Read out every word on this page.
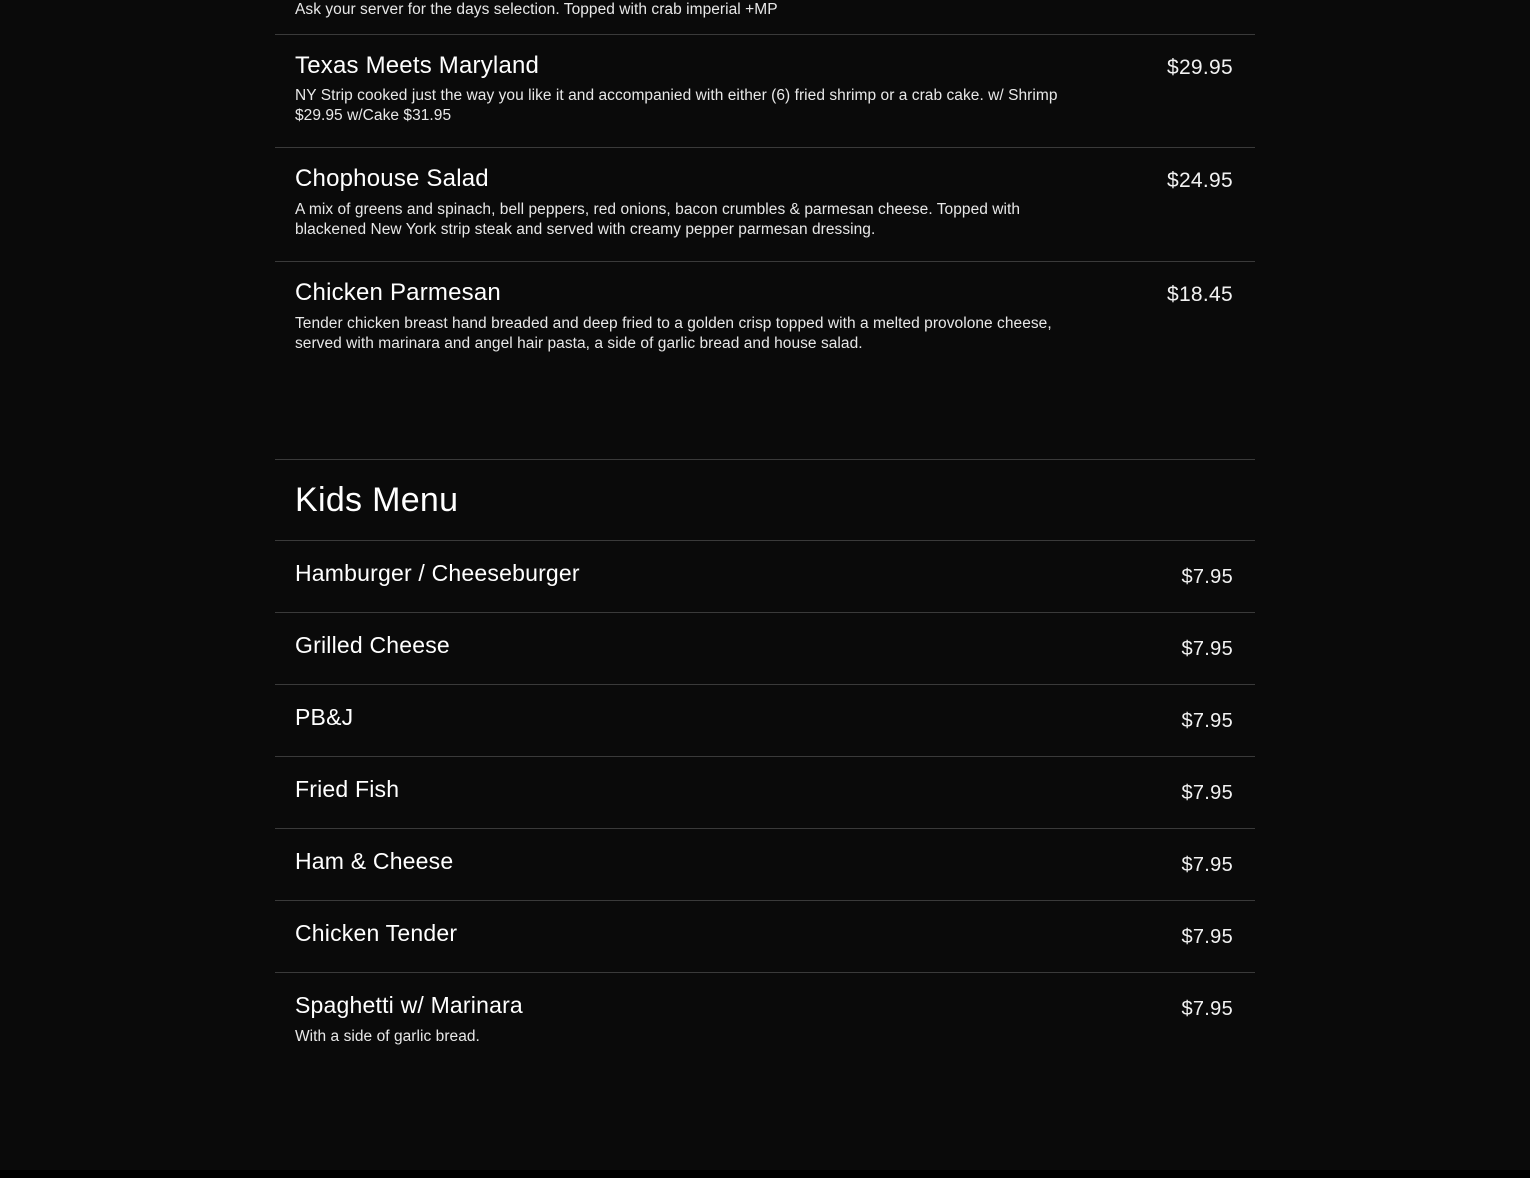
Ask your server for the days selection. Topped with crab imperial +MP
Texas Meets Maryland	$29.95
NY Strip cooked just the way you like it and accompanied with either (6) fried shrimp or a crab cake. w/ Shrimp $29.95 w/Cake $31.95
Chophouse Salad	$24.95
A mix of greens and spinach, bell peppers, red onions, bacon crumbles & parmesan cheese. Topped with blackened New York strip steak and served with creamy pepper parmesan dressing.
Chicken Parmesan	$18.45
Tender chicken breast hand breaded and deep fried to a golden crisp topped with a melted provolone cheese, served with marinara and angel hair pasta, a side of garlic bread and house salad.
Kids Menu
Hamburger / Cheeseburger	$7.95
Grilled Cheese	$7.95
PB&J	$7.95
Fried Fish	$7.95
Ham & Cheese	$7.95
Chicken Tender	$7.95
Spaghetti w/ Marinara	$7.95
With a side of garlic bread.
